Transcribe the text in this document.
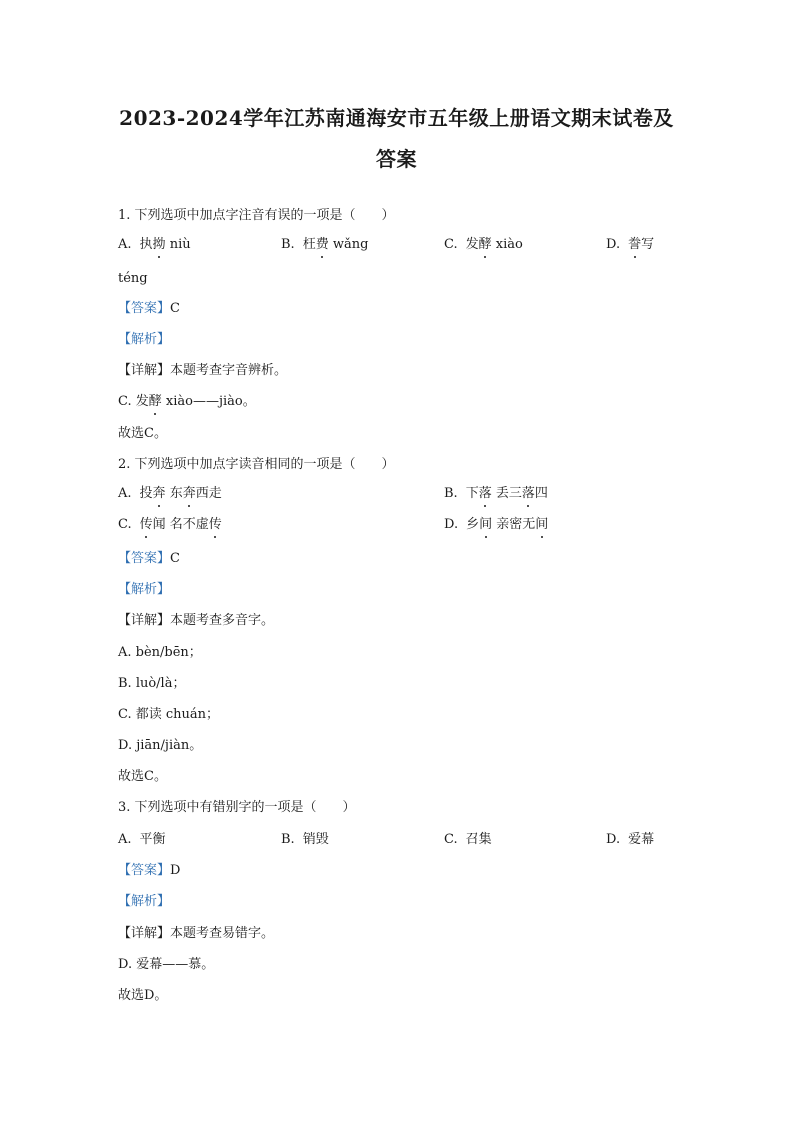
2023-2024学年江苏南通海安市五年级上册语文期末试卷及
答案
1. 下列选项中加点字注音有误的一项是（　　）
A. 执拗 niù	B. 枉费 wǎng	C. 发酵 xiào	D. 誊写
téng
【答案】C
【解析】
【详解】本题考查字音辨析。
C. 发酵 xiào——jiào。
故选C。
2. 下列选项中加点字读音相同的一项是（　　）
A. 投奔 东奔西走	B. 下落 丢三落四
C. 传闻 名不虚传	D. 乡间 亲密无间
【答案】C
【解析】
【详解】本题考查多音字。
A. bèn/bēn；
B. luò/là；
C. 都读 chuán；
D. jiān/jiàn。
故选C。
3. 下列选项中有错别字的一项是（　　）
A. 平衡	B. 销毁	C. 召集	D. 爱幕
【答案】D
【解析】
【详解】本题考查易错字。
D. 爱幕——慕。
故选D。
